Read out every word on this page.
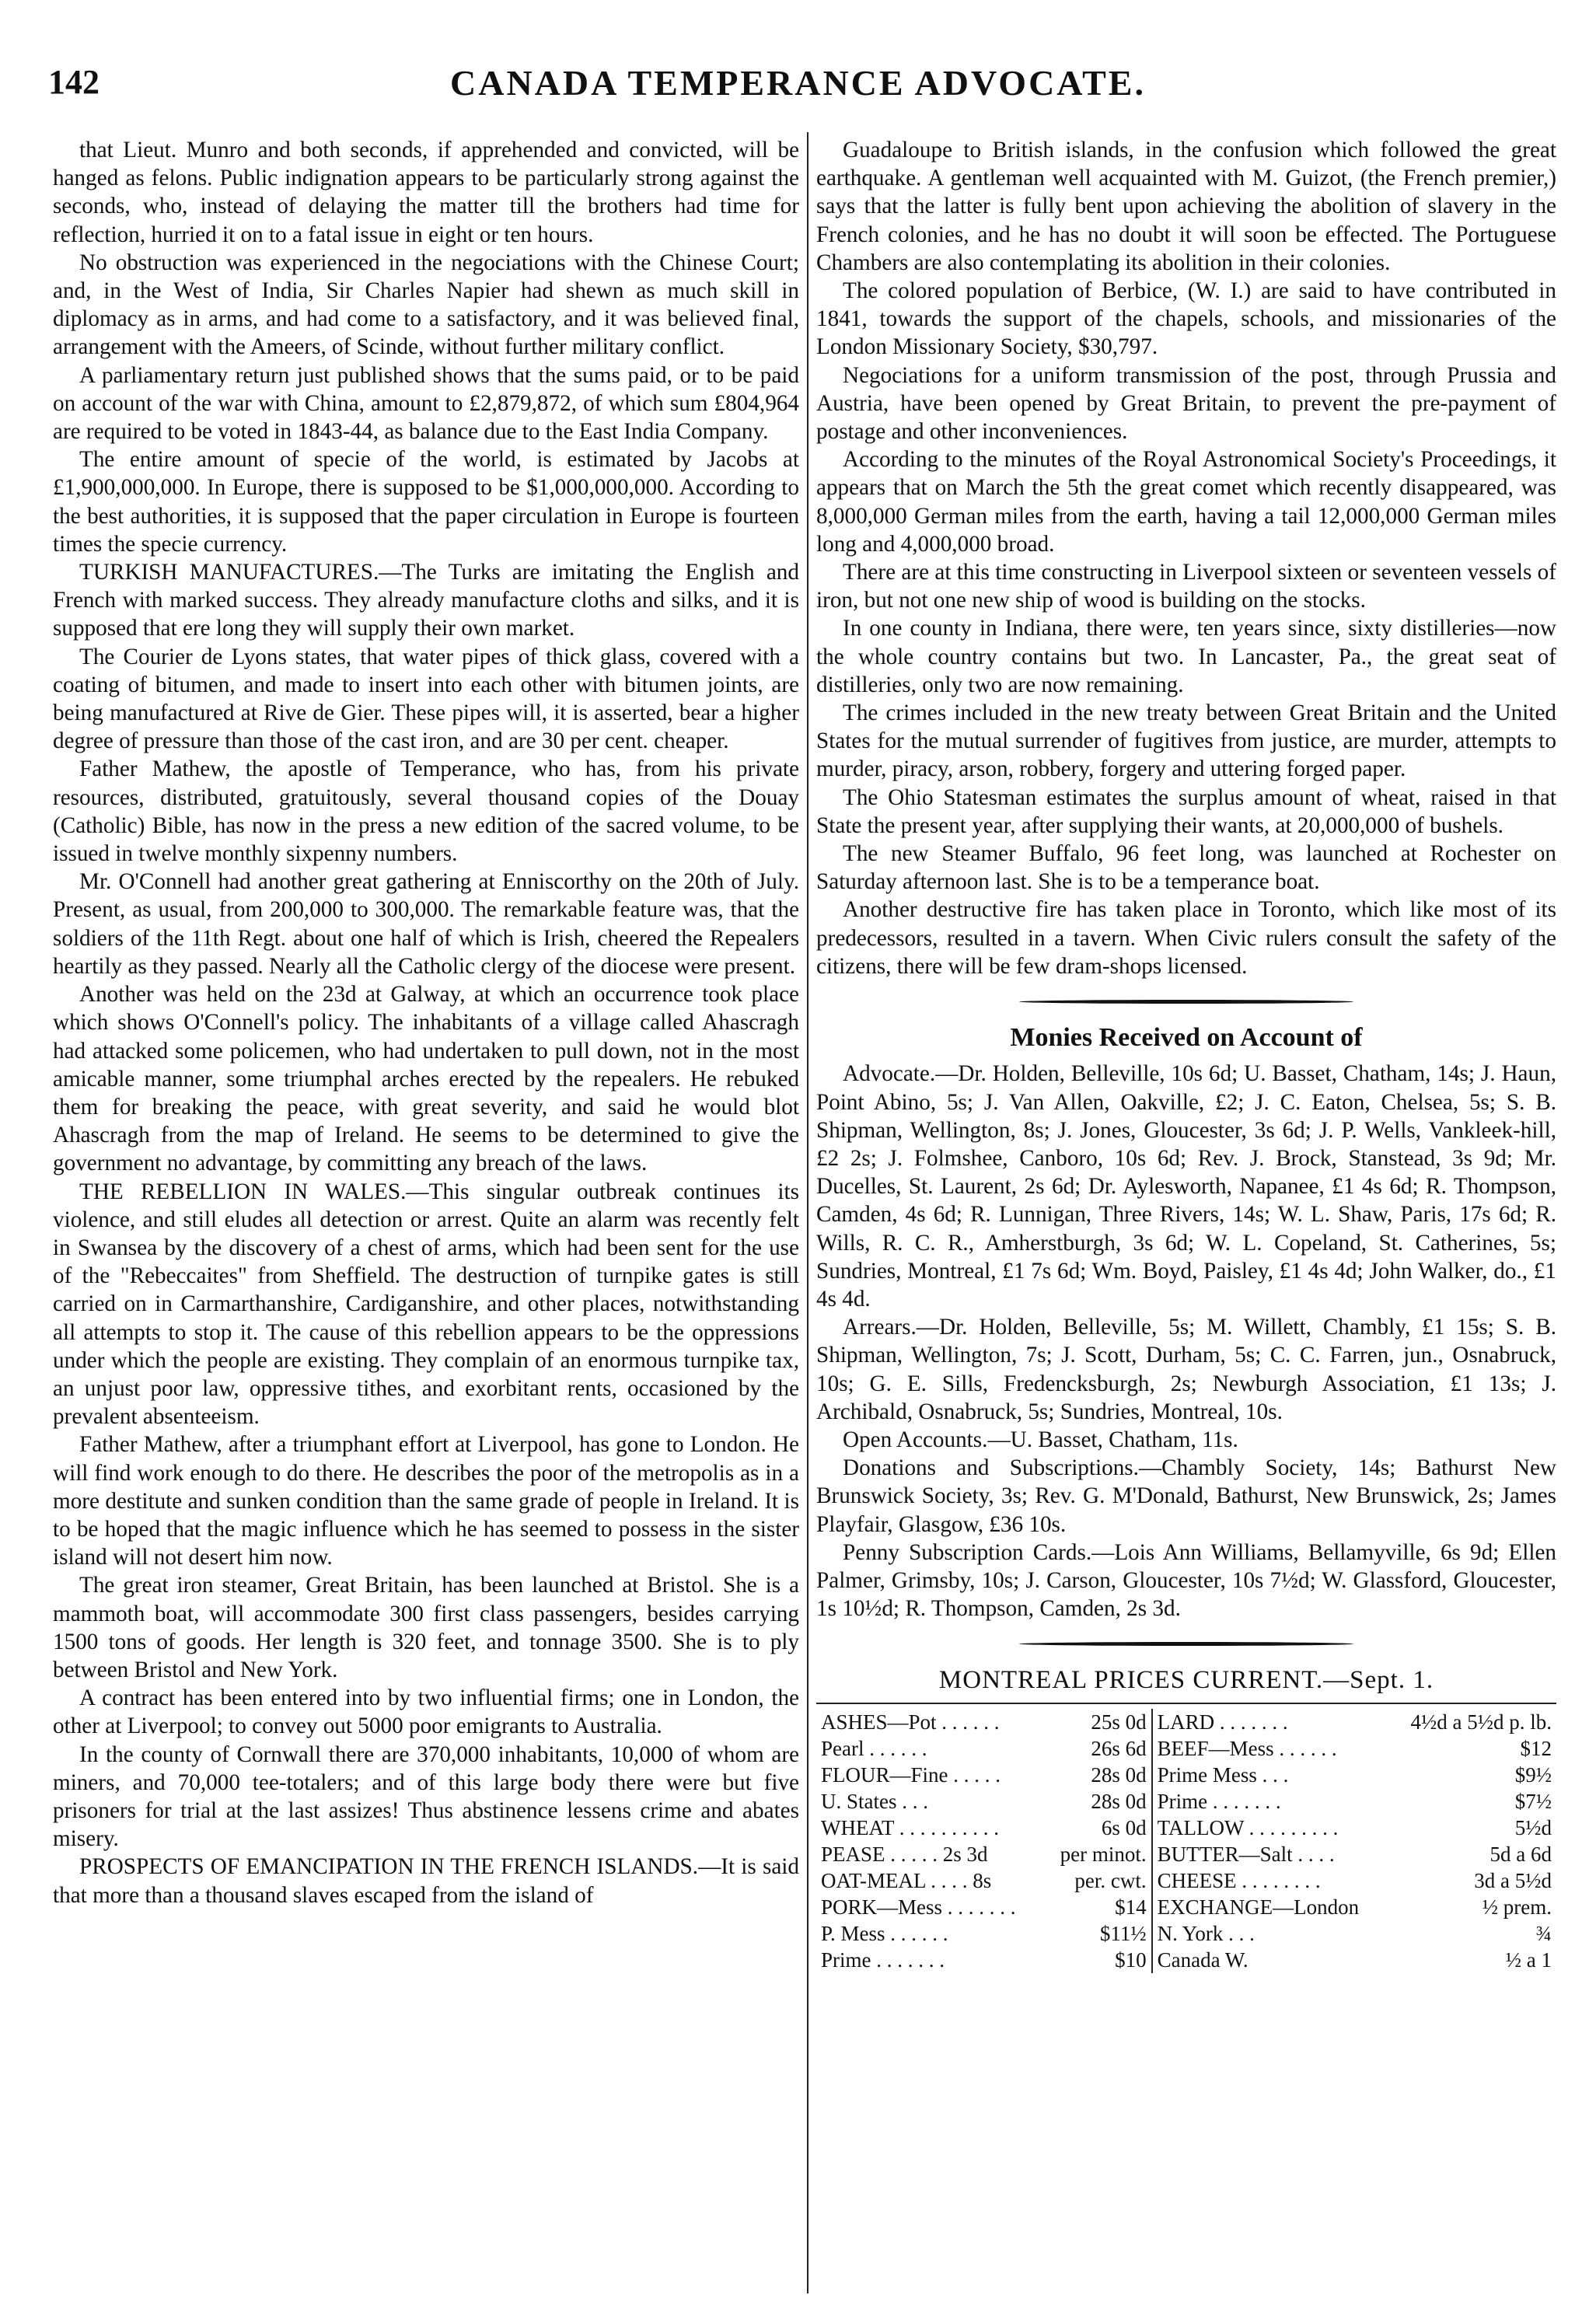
142	CANADA TEMPERANCE ADVOCATE.

that Lieut. Munro and both seconds, if apprehended and convicted, will be hanged as felons. Public indignation appears to be particularly strong against the seconds, who, instead of delaying the matter till the brothers had time for reflection, hurried it on to a fatal issue in eight or ten hours.

No obstruction was experienced in the negociations with the Chinese Court; and, in the West of India, Sir Charles Napier had shewn as much skill in diplomacy as in arms, and had come to a satisfactory, and it was believed final, arrangement with the Ameers, of Scinde, without further military conflict.

A parliamentary return just published shows that the sums paid, or to be paid on account of the war with China, amount to £2,879,872, of which sum £804,964 are required to be voted in 1843-44, as balance due to the East India Company.

The entire amount of specie of the world, is estimated by Jacobs at £1,900,000,000. In Europe, there is supposed to be $1,000,000,000. According to the best authorities, it is supposed that the paper circulation in Europe is fourteen times the specie currency.

TURKISH MANUFACTURES.—The Turks are imitating the English and French with marked success. They already manufacture cloths and silks, and it is supposed that ere long they will supply their own market.

The Courier de Lyons states, that water pipes of thick glass, covered with a coating of bitumen, and made to insert into each other with bitumen joints, are being manufactured at Rive de Gier. These pipes will, it is asserted, bear a higher degree of pressure than those of the cast iron, and are 30 per cent. cheaper.

Father Mathew, the apostle of Temperance, who has, from his private resources, distributed, gratuitously, several thousand copies of the Douay (Catholic) Bible, has now in the press a new edition of the sacred volume, to be issued in twelve monthly sixpenny numbers.

Mr. O'Connell had another great gathering at Enniscorthy on the 20th of July. Present, as usual, from 200,000 to 300,000. The remarkable feature was, that the soldiers of the 11th Regt. about one half of which is Irish, cheered the Repealers heartily as they passed. Nearly all the Catholic clergy of the diocese were present.

Another was held on the 23d at Galway, at which an occurrence took place which shows O'Connell's policy. The inhabitants of a village called Ahascragh had attacked some policemen, who had undertaken to pull down, not in the most amicable manner, some triumphal arches erected by the repealers. He rebuked them for breaking the peace, with great severity, and said he would blot Ahascragh from the map of Ireland. He seems to be determined to give the government no advantage, by committing any breach of the laws.

THE REBELLION IN WALES.—This singular outbreak continues its violence, and still eludes all detection or arrest. Quite an alarm was recently felt in Swansea by the discovery of a chest of arms, which had been sent for the use of the "Rebeccaites" from Sheffield. The destruction of turnpike gates is still carried on in Carmarthanshire, Cardiganshire, and other places, notwithstanding all attempts to stop it. The cause of this rebellion appears to be the oppressions under which the people are existing. They complain of an enormous turnpike tax, an unjust poor law, oppressive tithes, and exorbitant rents, occasioned by the prevalent absenteeism.

Father Mathew, after a triumphant effort at Liverpool, has gone to London. He will find work enough to do there. He describes the poor of the metropolis as in a more destitute and sunken condition than the same grade of people in Ireland. It is to be hoped that the magic influence which he has seemed to possess in the sister island will not desert him now.

The great iron steamer, Great Britain, has been launched at Bristol. She is a mammoth boat, will accommodate 300 first class passengers, besides carrying 1500 tons of goods. Her length is 320 feet, and tonnage 3500. She is to ply between Bristol and New York.

A contract has been entered into by two influential firms; one in London, the other at Liverpool; to convey out 5000 poor emigrants to Australia.

In the county of Cornwall there are 370,000 inhabitants, 10,000 of whom are miners, and 70,000 tee-totalers; and of this large body there were but five prisoners for trial at the last assizes! Thus abstinence lessens crime and abates misery.

PROSPECTS OF EMANCIPATION IN THE FRENCH ISLANDS.—It is said that more than a thousand slaves escaped from the island of

Guadaloupe to British islands, in the confusion which followed the great earthquake. A gentleman well acquainted with M. Guizot, (the French premier,) says that the latter is fully bent upon achieving the abolition of slavery in the French colonies, and he has no doubt it will soon be effected. The Portuguese Chambers are also contemplating its abolition in their colonies.

The colored population of Berbice, (W. I.) are said to have contributed in 1841, towards the support of the chapels, schools, and missionaries of the London Missionary Society, $30,797.

Negociations for a uniform transmission of the post, through Prussia and Austria, have been opened by Great Britain, to prevent the pre-payment of postage and other inconveniences.

According to the minutes of the Royal Astronomical Society's Proceedings, it appears that on March the 5th the great comet which recently disappeared, was 8,000,000 German miles from the earth, having a tail 12,000,000 German miles long and 4,000,000 broad.

There are at this time constructing in Liverpool sixteen or seventeen vessels of iron, but not one new ship of wood is building on the stocks.

In one county in Indiana, there were, ten years since, sixty distilleries—now the whole country contains but two. In Lancaster, Pa., the great seat of distilleries, only two are now remaining.

The crimes included in the new treaty between Great Britain and the United States for the mutual surrender of fugitives from justice, are murder, attempts to murder, piracy, arson, robbery, forgery and uttering forged paper.

The Ohio Statesman estimates the surplus amount of wheat, raised in that State the present year, after supplying their wants, at 20,000,000 of bushels.

The new Steamer Buffalo, 96 feet long, was launched at Rochester on Saturday afternoon last. She is to be a temperance boat.

Another destructive fire has taken place in Toronto, which like most of its predecessors, resulted in a tavern. When Civic rulers consult the safety of the citizens, there will be few dram-shops licensed.

Monies Received on Account of

Advocate.—Dr. Holden, Belleville, 10s 6d; U. Basset, Chatham, 14s; J. Haun, Point Abino, 5s; J. Van Allen, Oakville, £2; J. C. Eaton, Chelsea, 5s; S. B. Shipman, Wellington, 8s; J. Jones, Gloucester, 3s 6d; J. P. Wells, Vankleek-hill, £2 2s; J. Folmshee, Canboro, 10s 6d; Rev. J. Brock, Stanstead, 3s 9d; Mr. Ducelles, St. Laurent, 2s 6d; Dr. Aylesworth, Napanee, £1 4s 6d; R. Thompson, Camden, 4s 6d; R. Lunnigan, Three Rivers, 14s; W. L. Shaw, Paris, 17s 6d; R. Wills, R. C. R., Amherstburgh, 3s 6d; W. L. Copeland, St. Catherines, 5s; Sundries, Montreal, £1 7s 6d; Wm. Boyd, Paisley, £1 4s 4d; John Walker, do., £1 4s 4d.

Arrears.—Dr. Holden, Belleville, 5s; M. Willett, Chambly, £1 15s; S. B. Shipman, Wellington, 7s; J. Scott, Durham, 5s; C. C. Farren, jun., Osnabruck, 10s; G. E. Sills, Fredencksburgh, 2s; Newburgh Association, £1 13s; J. Archibald, Osnabruck, 5s; Sundries, Montreal, 10s.

Open Accounts.—U. Basset, Chatham, 11s.

Donations and Subscriptions.—Chambly Society, 14s; Bathurst New Brunswick Society, 3s; Rev. G. M'Donald, Bathurst, New Brunswick, 2s; James Playfair, Glasgow, £36 10s.

Penny Subscription Cards.—Lois Ann Williams, Bellamyville, 6s 9d; Ellen Palmer, Grimsby, 10s; J. Carson, Gloucester, 10s 7½d; W. Glassford, Gloucester, 1s 10½d; R. Thompson, Camden, 2s 3d.

MONTREAL PRICES CURRENT.—Sept. 1.
ASHES—Pot . . . . . .	25s 0d	LARD . . . . . . .	4½d a 5½d p. lb.
Pearl . . . . . .	26s 6d	BEEF—Mess . . . . . .	$12
FLOUR—Fine . . . . .	28s 0d	Prime Mess . . .	$9½
U. States . . .	28s 0d	Prime . . . . . . .	$7½
WHEAT . . . . . . . . . .	6s 0d	TALLOW . . . . . . . . .	5½d
PEASE . . . . . 2s 3d	per minot.	BUTTER—Salt . . . .	5d a 6d
OAT-MEAL . . . . 8s	per. cwt.	CHEESE . . . . . . . .	3d a 5½d
PORK—Mess . . . . . . .	$14	EXCHANGE—London	½ prem.
P. Mess . . . . . .	$11½	N. York . . .	¾
Prime . . . . . . .	$10	Canada W.	½ a 1
